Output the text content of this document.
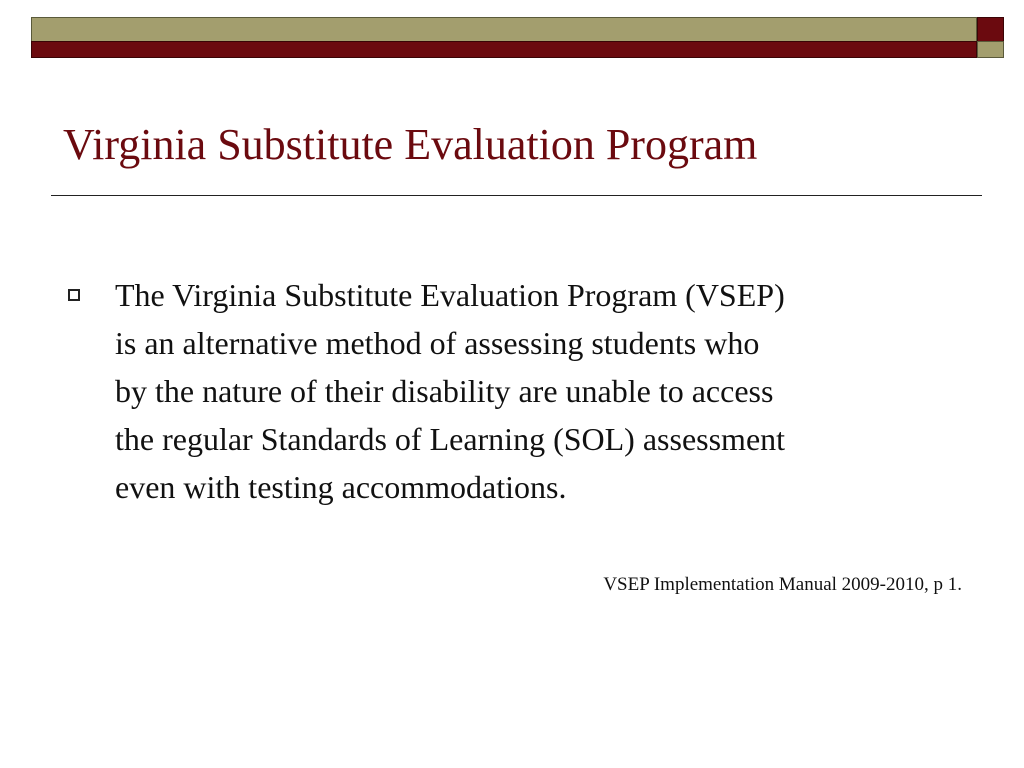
Virginia Substitute Evaluation Program

The Virginia Substitute Evaluation Program (VSEP)
is an alternative method of assessing students who
by the nature of their disability are unable to access
the regular Standards of Learning (SOL) assessment
even with testing accommodations.

VSEP Implementation Manual 2009-2010, p 1.
